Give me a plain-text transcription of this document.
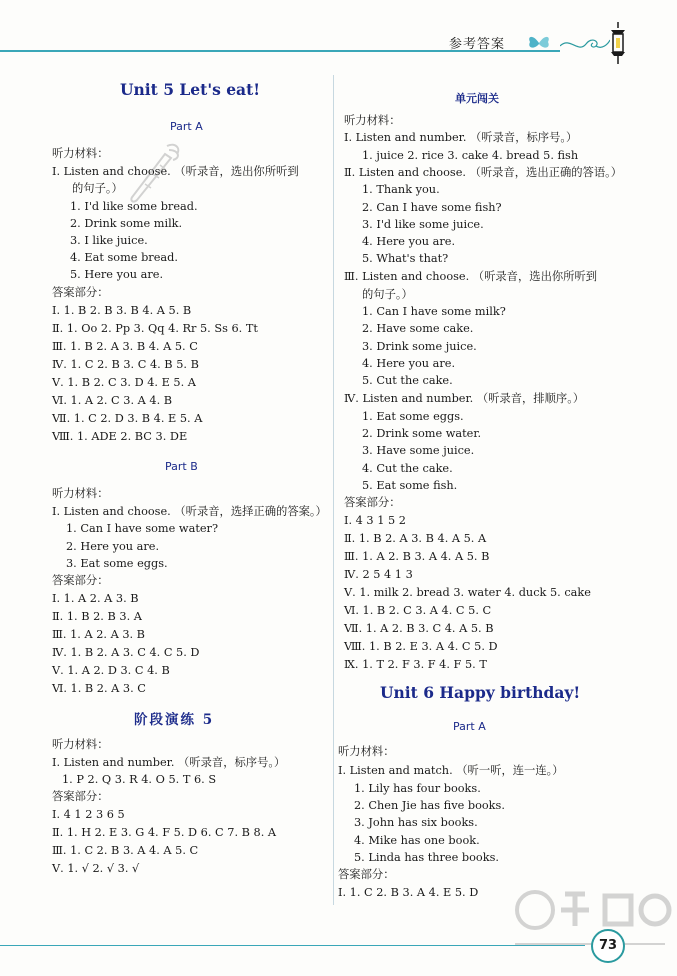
参考答案
Unit 5 Let's eat!
Part A
听力材料：
Ⅰ. Listen and choose. （听录音，选出你所听到
的句子。）
1. I'd like some bread.
2. Drink some milk.
3. I like juice.
4. Eat some bread.
5. Here you are.
答案部分：
Ⅰ. 1. B 2. B 3. B 4. A 5. B
Ⅱ. 1. Oo 2. Pp 3. Qq 4. Rr 5. Ss 6. Tt
Ⅲ. 1. B 2. A 3. B 4. A 5. C
Ⅳ. 1. C 2. B 3. C 4. B 5. B
Ⅴ. 1. B 2. C 3. D 4. E 5. A
Ⅵ. 1. A 2. C 3. A 4. B
Ⅶ. 1. C 2. D 3. B 4. E 5. A
Ⅷ. 1. ADE 2. BC 3. DE
Part B
听力材料：
Ⅰ. Listen and choose. （听录音，选择正确的答案。）
1. Can I have some water?
2. Here you are.
3. Eat some eggs.
答案部分：
Ⅰ. 1. A 2. A 3. B
Ⅱ. 1. B 2. B 3. A
Ⅲ. 1. A 2. A 3. B
Ⅳ. 1. B 2. A 3. C 4. C 5. D
Ⅴ. 1. A 2. D 3. C 4. B
Ⅵ. 1. B 2. A 3. C
阶段演练 5
听力材料：
Ⅰ. Listen and number. （听录音，标序号。）
1. P 2. Q 3. R 4. O 5. T 6. S
答案部分：
Ⅰ. 4 1 2 3 6 5
Ⅱ. 1. H 2. E 3. G 4. F 5. D 6. C 7. B 8. A
Ⅲ. 1. C 2. B 3. A 4. A 5. C
Ⅴ. 1. √ 2. √ 3. √
单元闯关
听力材料：
Ⅰ. Listen and number. （听录音，标序号。）
1. juice 2. rice 3. cake 4. bread 5. fish
Ⅱ. Listen and choose. （听录音，选出正确的答语。）
1. Thank you.
2. Can I have some fish?
3. I'd like some juice.
4. Here you are.
5. What's that?
Ⅲ. Listen and choose. （听录音，选出你所听到
的句子。）
1. Can I have some milk?
2. Have some cake.
3. Drink some juice.
4. Here you are.
5. Cut the cake.
Ⅳ. Listen and number. （听录音，排顺序。）
1. Eat some eggs.
2. Drink some water.
3. Have some juice.
4. Cut the cake.
5. Eat some fish.
答案部分：
Ⅰ. 4 3 1 5 2
Ⅱ. 1. B 2. A 3. B 4. A 5. A
Ⅲ. 1. A 2. B 3. A 4. A 5. B
Ⅳ. 2 5 4 1 3
Ⅴ. 1. milk 2. bread 3. water 4. duck 5. cake
Ⅵ. 1. B 2. C 3. A 4. C 5. C
Ⅶ. 1. A 2. B 3. C 4. A 5. B
Ⅷ. 1. B 2. E 3. A 4. C 5. D
Ⅸ. 1. T 2. F 3. F 4. F 5. T
Unit 6 Happy birthday!
Part A
听力材料：
Ⅰ. Listen and match. （听一听，连一连。）
1. Lily has four books.
2. Chen Jie has five books.
3. John has six books.
4. Mike has one book.
5. Linda has three books.
答案部分：
Ⅰ. 1. C 2. B 3. A 4. E 5. D
73
